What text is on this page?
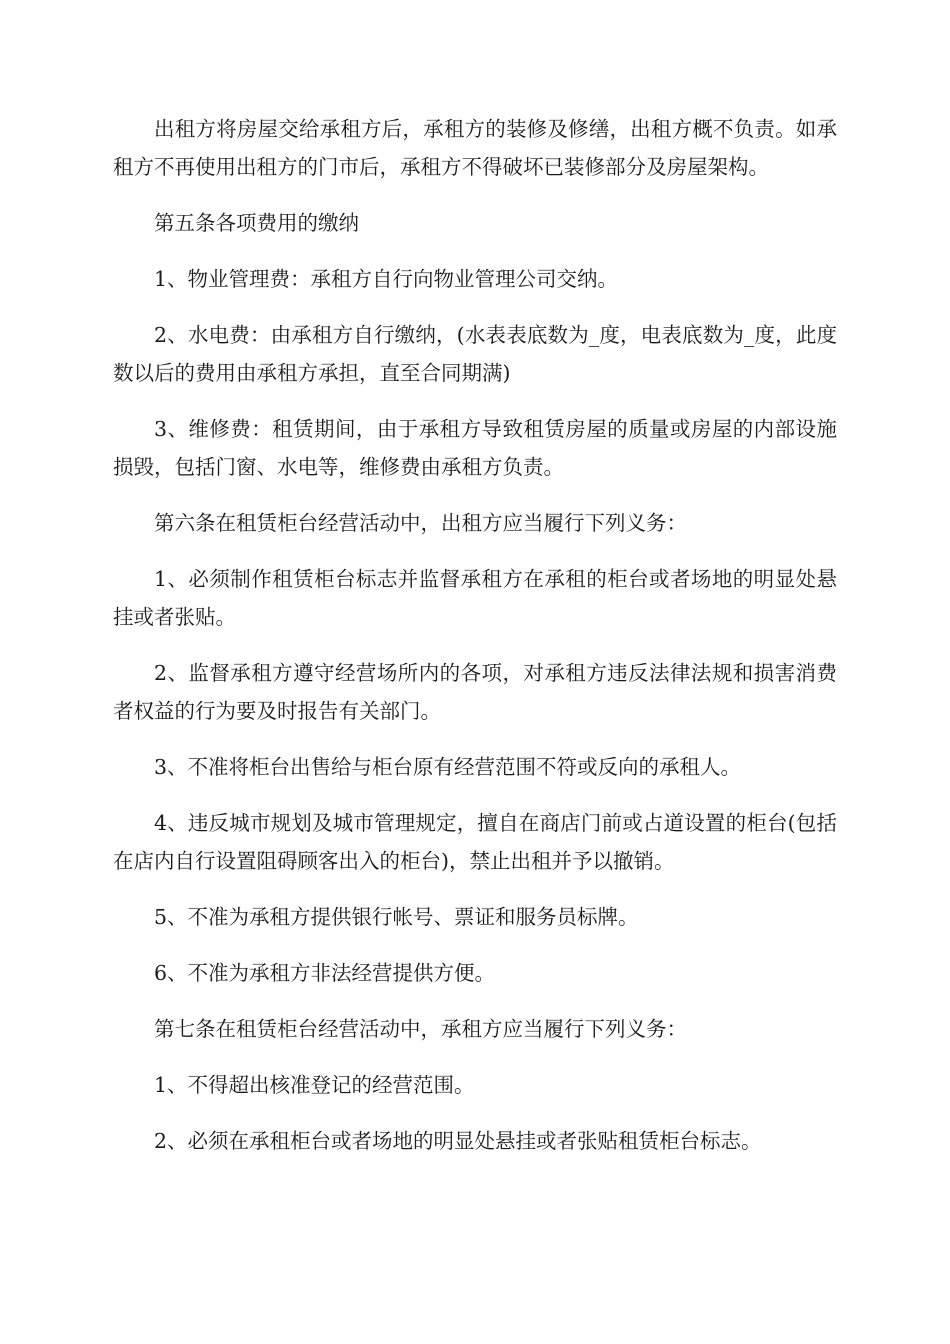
出租方将房屋交给承租方后，承租方的装修及修缮，出租方概不负责。如承租方不再使用出租方的门市后，承租方不得破坏已装修部分及房屋架构。

第五条各项费用的缴纳

1、物业管理费：承租方自行向物业管理公司交纳。

2、水电费：由承租方自行缴纳，(水表表底数为_度，电表底数为_度，此度数以后的费用由承租方承担，直至合同期满)

3、维修费：租赁期间，由于承租方导致租赁房屋的质量或房屋的内部设施损毁，包括门窗、水电等，维修费由承租方负责。

第六条在租赁柜台经营活动中，出租方应当履行下列义务：

1、必须制作租赁柜台标志并监督承租方在承租的柜台或者场地的明显处悬挂或者张贴。

2、监督承租方遵守经营场所内的各项，对承租方违反法律法规和损害消费者权益的行为要及时报告有关部门。

3、不准将柜台出售给与柜台原有经营范围不符或反向的承租人。

4、违反城市规划及城市管理规定，擅自在商店门前或占道设置的柜台(包括在店内自行设置阻碍顾客出入的柜台)，禁止出租并予以撤销。

5、不准为承租方提供银行帐号、票证和服务员标牌。

6、不准为承租方非法经营提供方便。

第七条在租赁柜台经营活动中，承租方应当履行下列义务：

1、不得超出核准登记的经营范围。

2、必须在承租柜台或者场地的明显处悬挂或者张贴租赁柜台标志。
